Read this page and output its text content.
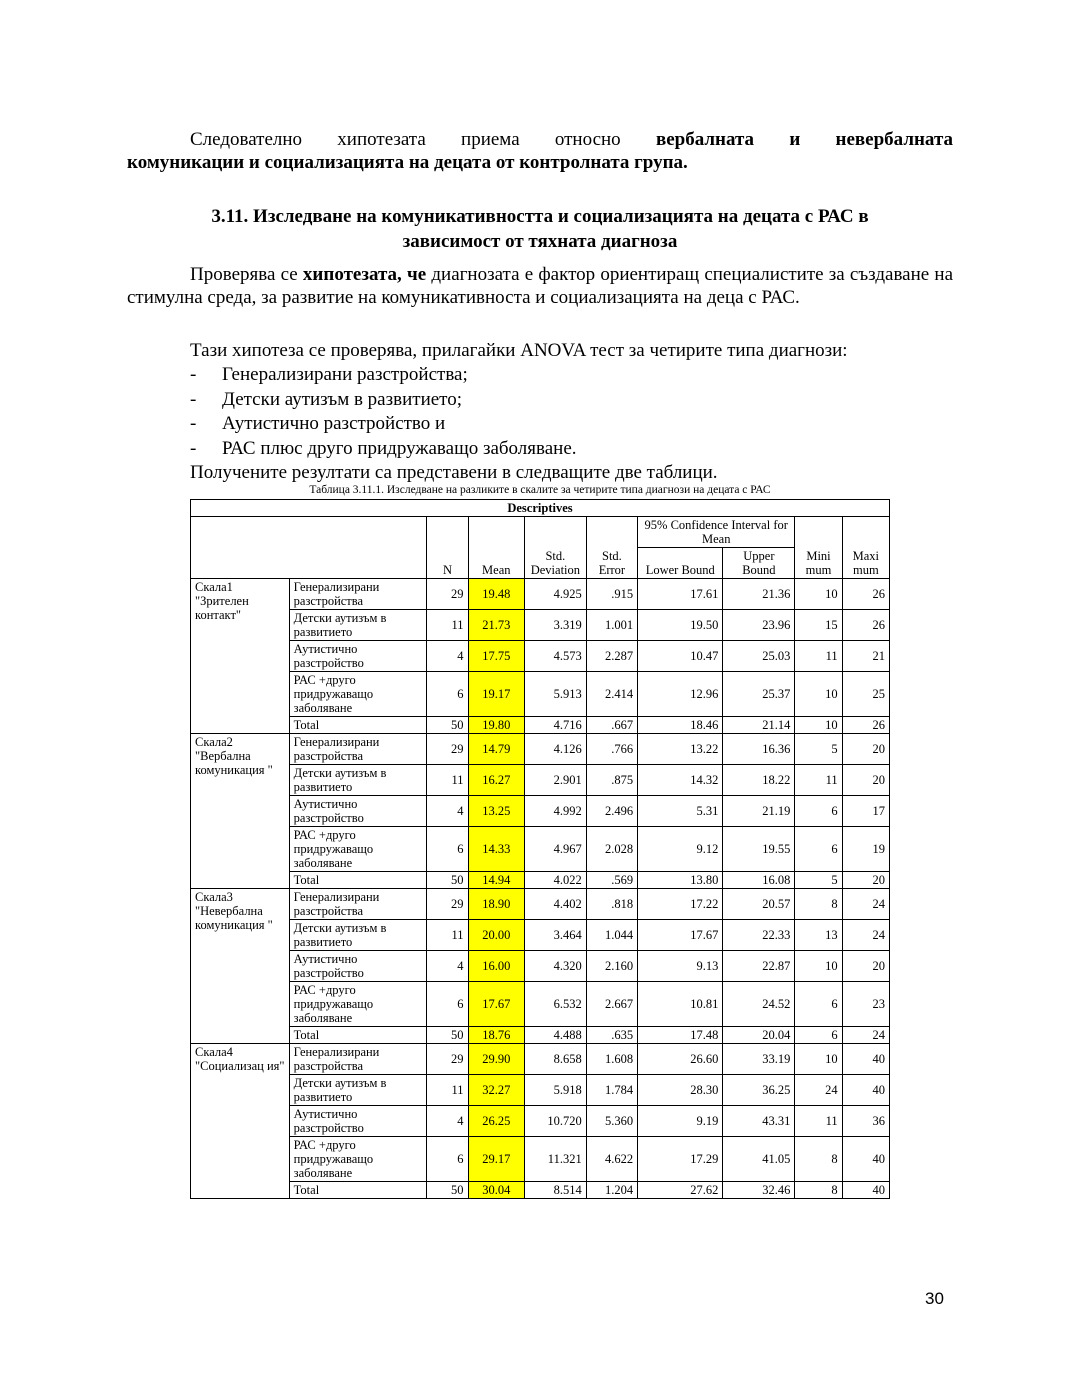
Следователно хипотезата приема относно вербалната и невербалната

комуникации и социализацията на децата от контролната група.

3.11. Изследване на комуникативността и социализацията на децата с РАС в

зависимост от тяхната диагноза

Проверява се хипотезата, че диагнозата е фактор ориентиращ специалистите за създаване на стимулна среда, за развитие на комуникативноста и социализацията на деца с РАС.

Тази хипотеза се проверява, прилагайки ANOVA тест за четирите типа диагнози:

- Генерализирани разстройства;
- Детски аутизъм в развитието;
- Аутистично разстройство и
- РАС плюс друго придружаващо заболяване.

Получените резултати са представени в следващите две таблици.

Таблица 3.11.1. Изследване на разликите в скалите за четирите типа диагнози на децата с РАС

Descriptives									
		N	Mean	Std. Deviation	Std. Error	95% Confidence Interval for Mean		Mini mum	Maxi mum
						Lower Bound	Upper Bound		
Скала1 "Зрителен контакт"	Генерализирани разстройства	29	19.48	4.925	.915	17.61	21.36	10	26
	Детски аутизъм в развитието	11	21.73	3.319	1.001	19.50	23.96	15	26
	Аутистично разстройство	4	17.75	4.573	2.287	10.47	25.03	11	21
	РАС +друго придружаващо заболяване	6	19.17	5.913	2.414	12.96	25.37	10	25
	Total	50	19.80	4.716	.667	18.46	21.14	10	26
Скала2 "Вербална комуникация "	Генерализирани разстройства	29	14.79	4.126	.766	13.22	16.36	5	20
	Детски аутизъм в развитието	11	16.27	2.901	.875	14.32	18.22	11	20
	Аутистично разстройство	4	13.25	4.992	2.496	5.31	21.19	6	17
	РАС +друго придружаващо заболяване	6	14.33	4.967	2.028	9.12	19.55	6	19
	Total	50	14.94	4.022	.569	13.80	16.08	5	20
Скала3 "Невербална комуникация "	Генерализирани разстройства	29	18.90	4.402	.818	17.22	20.57	8	24
	Детски аутизъм в развитието	11	20.00	3.464	1.044	17.67	22.33	13	24
	Аутистично разстройство	4	16.00	4.320	2.160	9.13	22.87	10	20
	РАС +друго придружаващо заболяване	6	17.67	6.532	2.667	10.81	24.52	6	23
	Total	50	18.76	4.488	.635	17.48	20.04	6	24
Скала4 "Социализац ия"	Генерализирани разстройства	29	29.90	8.658	1.608	26.60	33.19	10	40
	Детски аутизъм в развитието	11	32.27	5.918	1.784	28.30	36.25	24	40
	Аутистично разстройство	4	26.25	10.720	5.360	9.19	43.31	11	36
	РАС +друго придружаващо заболяване	6	29.17	11.321	4.622	17.29	41.05	8	40
	Total	50	30.04	8.514	1.204	27.62	32.46	8	40
30
